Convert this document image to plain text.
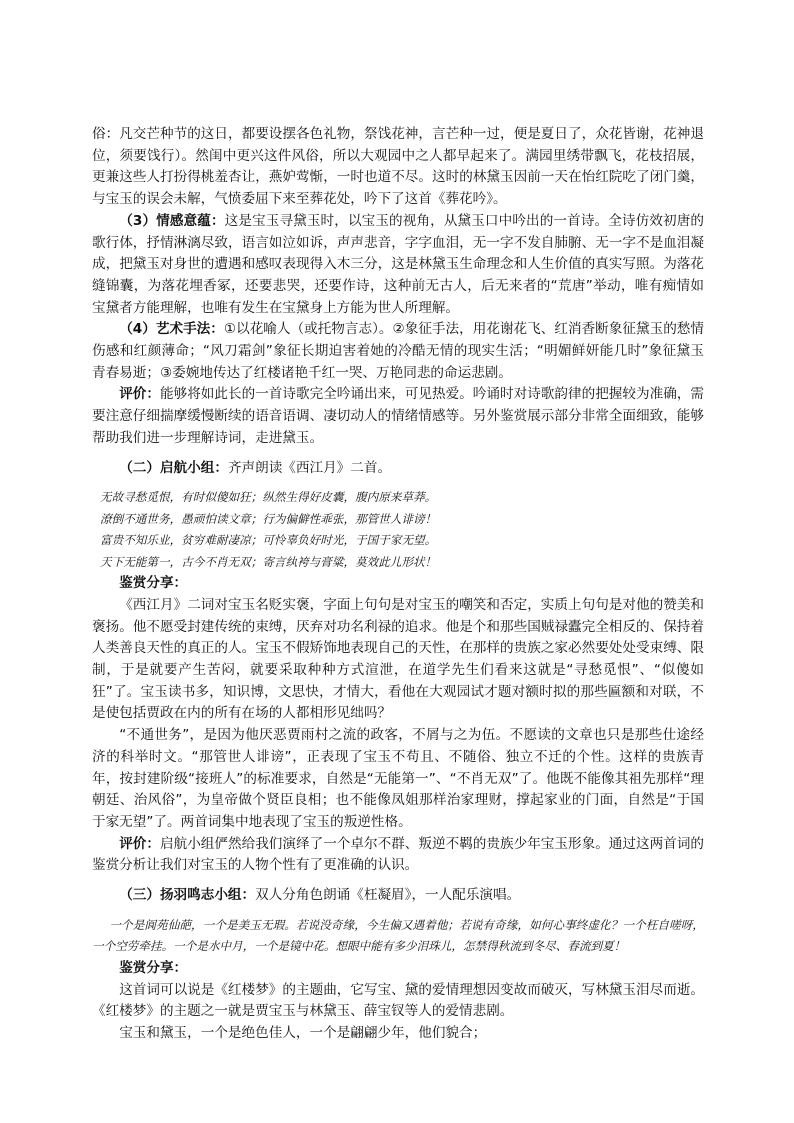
俗：凡交芒种节的这日，都要设摆各色礼物，祭饯花神，言芒种一过，便是夏日了，众花皆谢，花神退位，须要饯行）。然闺中更兴这件风俗，所以大观园中之人都早起来了。满园里绣带飘飞，花枝招展，更兼这些人打扮得桃羞杏让，燕妒莺惭，一时也道不尽。这时的林黛玉因前一天在怡红院吃了闭门羹，与宝玉的误会未解，气愤委屈下来至葬花处，吟下了这首《葬花吟》。

（3）情感意蕴：这是宝玉寻黛玉时，以宝玉的视角，从黛玉口中吟出的一首诗。全诗仿效初唐的歌行体，抒情淋漓尽致，语言如泣如诉，声声悲音，字字血泪，无一字不发自肺腑、无一字不是血泪凝成，把黛玉对身世的遭遇和感叹表现得入木三分，这是林黛玉生命理念和人生价值的真实写照。为落花缝锦囊，为落花埋香冢，还要悲哭，还要作诗，这种前无古人，后无来者的“荒唐”举动，唯有痴情如宝黛者方能理解，也唯有发生在宝黛身上方能为世人所理解。

（4）艺术手法：①以花喻人（或托物言志）。②象征手法，用花谢花飞、红消香断象征黛玉的愁情伤感和红颜薄命；“风刀霜剑”象征长期迫害着她的冷酷无情的现实生活；“明媚鲜妍能几时”象征黛玉青春易逝；③委婉地传达了红楼诸艳千红一哭、万艳同悲的命运悲剧。

评价：能够将如此长的一首诗歌完全吟诵出来，可见热爱。吟诵时对诗歌韵律的把握较为准确，需要注意仔细揣摩缓慢断续的语音语调、凄切动人的情绪情感等。另外鉴赏展示部分非常全面细致，能够帮助我们进一步理解诗词，走进黛玉。

（二）启航小组：齐声朗读《西江月》二首。

无故寻愁觅恨，有时似傻如狂；纵然生得好皮囊，腹内原来草莽。

潦倒不通世务，愚顽怕读文章；行为偏僻性乖张，那管世人诽谤！

富贵不知乐业，贫穷难耐凄凉；可怜辜负好时光，于国于家无望。

天下无能第一，古今不肖无双；寄言纨袴与膏粱，莫效此儿形状！

鉴赏分享：

《西江月》二词对宝玉名贬实褒，字面上句句是对宝玉的嘲笑和否定，实质上句句是对他的赞美和褒扬。他不愿受封建传统的束缚，厌弃对功名利禄的追求。他是个和那些国贼禄蠹完全相反的、保持着人类善良天性的真正的人。宝玉不假矫饰地表现自己的天性，在那样的贵族之家必然要处处受束缚、限制，于是就要产生苦闷，就要采取种种方式渲泄，在道学先生们看来这就是“寻愁觅恨”、“似傻如狂”了。宝玉读书多，知识博，文思快，才情大，看他在大观园试才题对额时拟的那些匾额和对联，不是使包括贾政在内的所有在场的人都相形见绌吗？

“不通世务”，是因为他厌恶贾雨村之流的政客，不屑与之为伍。不愿读的文章也只是那些仕途经济的科举时文。“那管世人诽谤”，正表现了宝玉不苟且、不随俗、独立不迁的个性。这样的贵族青年，按封建阶级“接班人”的标准要求，自然是“无能第一”、“不肖无双”了。他既不能像其祖先那样“理朝廷、治风俗”，为皇帝做个贤臣良相；也不能像凤姐那样治家理财，撑起家业的门面，自然是“于国于家无望”了。两首词集中地表现了宝玉的叛逆性格。

评价：启航小组俨然给我们演绎了一个卓尔不群、叛逆不羁的贵族少年宝玉形象。通过这两首词的鉴赏分析让我们对宝玉的人物个性有了更准确的认识。

（三）扬羽鸣志小组：双人分角色朗诵《枉凝眉》，一人配乐演唱。

一个是阆苑仙葩，一个是美玉无瑕。若说没奇缘，今生偏又遇着他；若说有奇缘，如何心事终虚化？一个枉自嗟呀，一个空劳牵挂。一个是水中月，一个是镜中花。想眼中能有多少泪珠儿，怎禁得秋流到冬尽、春流到夏！

鉴赏分享：

这首词可以说是《红楼梦》的主题曲，它写宝、黛的爱情理想因变故而破灭，写林黛玉泪尽而逝。《红楼梦》的主题之一就是贾宝玉与林黛玉、薛宝钗等人的爱情悲剧。

宝玉和黛玉，一个是绝色佳人，一个是翩翩少年，他们貌合；
